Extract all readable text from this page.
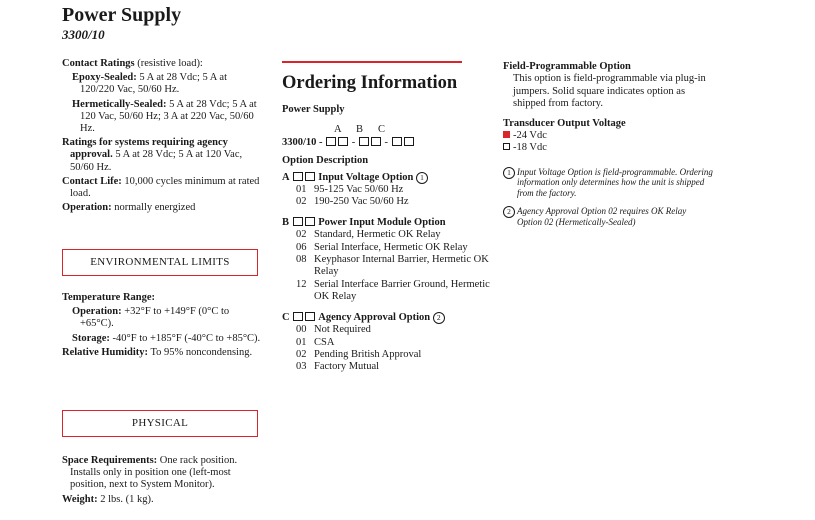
Power Supply
3300/10

Contact Ratings (resistive load):

Epoxy-Sealed: 5 A at 28 Vdc; 5 A at 120/220 Vac, 50/60 Hz.

Hermetically-Sealed: 5 A at 28 Vdc; 5 A at 120 Vac, 50/60 Hz; 3 A at 220 Vac, 50/60 Hz.

Ratings for systems requiring agency approval. 5 A at 28 Vdc; 5 A at 120 Vac, 50/60 Hz.

Contact Life: 10,000 cycles minimum at rated load.

Operation: normally energized

ENVIRONMENTAL LIMITS

Temperature Range:

Operation: +32°F to +149°F (0°C to +65°C).

Storage: -40°F to +185°F (-40°C to +85°C).

Relative Humidity: To 95% noncondensing.

PHYSICAL

Space Requirements: One rack position. Installs only in position one (left-most position, next to System Monitor).

Weight: 2 lbs. (1 kg).

Ordering Information
Power Supply
A B C
3300/10 -	-  -
Option Description
A	Input Voltage Option 1
01 95-125 Vac 50/60 Hz
02 190-250 Vac 50/60 Hz
B	Power Input Module Option
02 Standard, Hermetic OK Relay
06 Serial Interface, Hermetic OK Relay
08 Keyphasor Internal Barrier, Hermetic OK Relay
12 Serial Interface Barrier Ground, Hermetic OK Relay
C	Agency Approval Option 2
00 Not Required
01 CSA
02 Pending British Approval
03 Factory Mutual
Field-Programmable Option
This option is field-programmable via plug-in jumpers. Solid square indicates option as shipped from factory.
Transducer Output Voltage
-24 Vdc
-18 Vdc
1 Input Voltage Option is field-programmable. Ordering information only determines how the unit is shipped from the factory.
2 Agency Approval Option 02 requires OK Relay Option 02 (Hermetically-Sealed)
